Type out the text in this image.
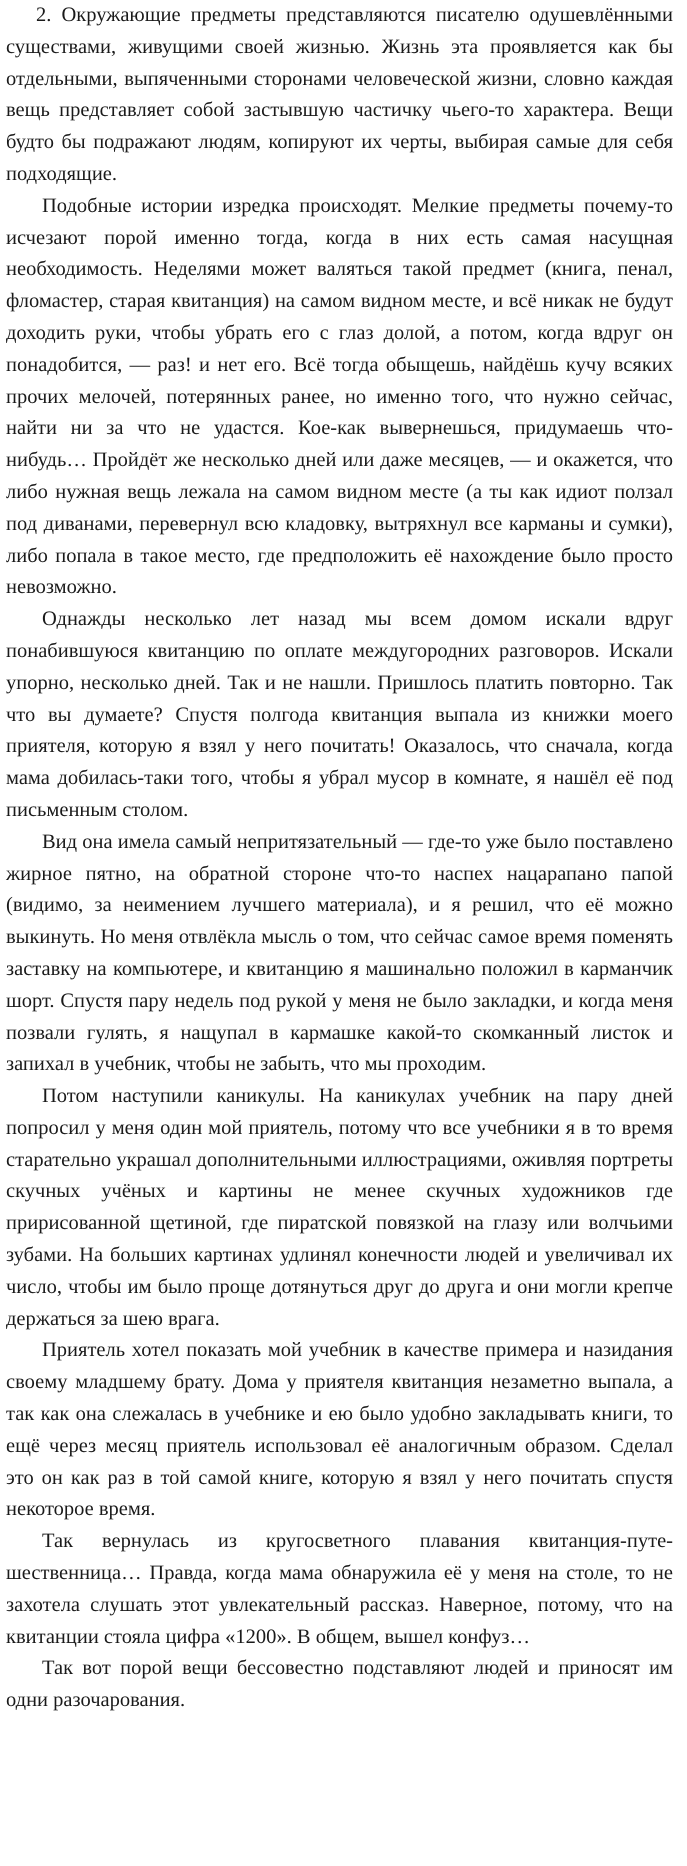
2. Окружающие предметы представляются писателю одушевлёнными существами, живущими своей жизнью. Жизнь эта проявляется как бы отдельными, выпяченными сторонами человеческой жизни, словно каждая вещь представляет собой застывшую частичку чьего-то характера. Вещи будто бы подражают людям, копируют их черты, выбирая самые для себя подходящие.

Подобные истории изредка происходят. Мелкие предметы почему-то исчезают порой именно тогда, когда в них есть самая насущная необходимость. Неделями может валяться такой предмет (книга, пенал, фломастер, старая квитанция) на самом видном месте, и всё никак не будут доходить руки, чтобы убрать его с глаз долой, а потом, когда вдруг он понадобится, — раз! и нет его. Всё тогда обыщешь, найдёшь кучу всяких прочих мелочей, потерянных ранее, но именно того, что нужно сейчас, найти ни за что не удастся. Кое-как вывернешься, придумаешь что-нибудь… Пройдёт же несколько дней или даже месяцев, — и окажется, что либо нужная вещь лежала на самом видном месте (а ты как идиот ползал под диванами, перевернул всю кладовку, вытряхнул все карманы и сумки), либо попала в такое место, где предположить её нахождение было просто невозможно.

Однажды несколько лет назад мы всем домом искали вдруг понабившуюся квитанцию по оплате междугородних разговоров. Искали упорно, несколько дней. Так и не нашли. Пришлось платить повторно. Так что вы думаете? Спустя полгода квитанция выпала из книжки моего приятеля, которую я взял у него почитать! Оказалось, что сначала, когда мама добилась-таки того, чтобы я убрал мусор в комнате, я нашёл её под письменным столом.

Вид она имела самый непритязательный — где-то уже было поставлено жирное пятно, на обратной стороне что-то наспех нацарапано папой (видимо, за неимением лучшего материала), и я решил, что её можно выкинуть. Но меня отвлёкла мысль о том, что сейчас самое время поменять заставку на компьютере, и квитанцию я машинально положил в карманчик шорт. Спустя пару недель под рукой у меня не было закладки, и когда меня позвали гулять, я нащупал в кармашке какой-то скомканный листок и запихал в учебник, чтобы не забыть, что мы проходим.

Потом наступили каникулы. На каникулах учебник на пару дней попросил у меня один мой приятель, потому что все учебники я в то время старательно украшал дополнительными иллюстрациями, оживляя портреты скучных учёных и картины не менее скучных художников где пририсованной щетиной, где пиратской повязкой на глазу или волчьими зубами. На больших картинах удлинял конечности людей и увеличивал их число, чтобы им было проще дотянуться друг до друга и они могли крепче держаться за шею врага.

Приятель хотел показать мой учебник в качестве примера и назидания своему младшему брату. Дома у приятеля квитанция незаметно выпала, а так как она слежалась в учебнике и ею было удобно закладывать книги, то ещё через месяц приятель использовал её аналогичным образом. Сделал это он как раз в той самой книге, которую я взял у него почитать спустя некоторое время.

Так вернулась из кругосветного плавания квитанция-путешественница… Правда, когда мама обнаружила её у меня на столе, то не захотела слушать этот увлекательный рассказ. Наверное, потому, что на квитанции стояла цифра «1200». В общем, вышел конфуз…

Так вот порой вещи бессовестно подставляют людей и приносят им одни разочарования.
